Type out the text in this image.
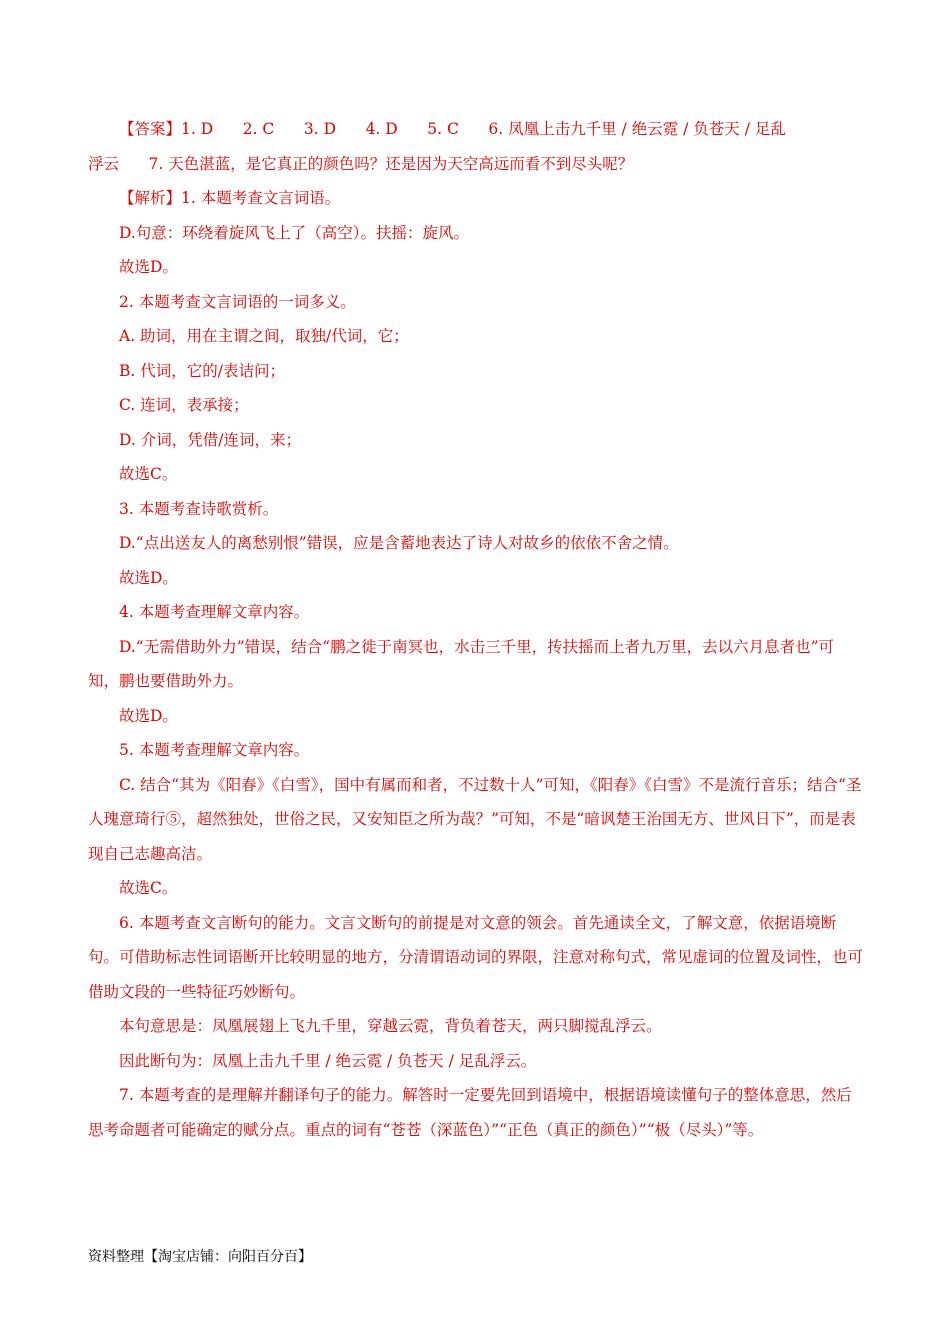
【答案】1. D      2. C      3. D      4. D      5. C      6. 凤凰上击九千里 / 绝云霓 / 负苍天 / 足乱

浮云      7. 天色湛蓝，是它真正的颜色吗？还是因为天空高远而看不到尽头呢？

【解析】1. 本题考查文言词语。

D.句意：环绕着旋风飞上了（高空）。扶摇：旋风。

故选D。

2. 本题考查文言词语的一词多义。

A. 助词，用在主谓之间，取独/代词，它；

B. 代词，它的/表诘问；

C. 连词，表承接；

D. 介词，凭借/连词，来；

故选C。

3. 本题考查诗歌赏析。

D.“点出送友人的离愁别恨”错误，应是含蓄地表达了诗人对故乡的依依不舍之情。

故选D。

4. 本题考查理解文章内容。

D.“无需借助外力”错误，结合“鹏之徙于南冥也，水击三千里，抟扶摇而上者九万里，去以六月息者也”可知，鹏也要借助外力。

故选D。

5. 本题考查理解文章内容。

C. 结合“其为《阳春》《白雪》，国中有属而和者，不过数十人”可知，《阳春》《白雪》不是流行音乐；结合“圣人瑰意琦行⑤，超然独处，世俗之民，又安知臣之所为哉？”可知，不是“暗讽楚王治国无方、世风日下”，而是表现自己志趣高洁。

故选C。

6. 本题考查文言断句的能力。文言文断句的前提是对文意的领会。首先通读全文，了解文意，依据语境断句。可借助标志性词语断开比较明显的地方，分清谓语动词的界限，注意对称句式，常见虚词的位置及词性，也可借助文段的一些特征巧妙断句。

本句意思是：凤凰展翅上飞九千里，穿越云霓，背负着苍天，两只脚搅乱浮云。

因此断句为：凤凰上击九千里 / 绝云霓 / 负苍天 / 足乱浮云。

7. 本题考查的是理解并翻译句子的能力。解答时一定要先回到语境中，根据语境读懂句子的整体意思，然后思考命题者可能确定的赋分点。重点的词有“苍苍（深蓝色）”“正色（真正的颜色）”“极（尽头）”等。

资料整理【淘宝店铺：向阳百分百】
